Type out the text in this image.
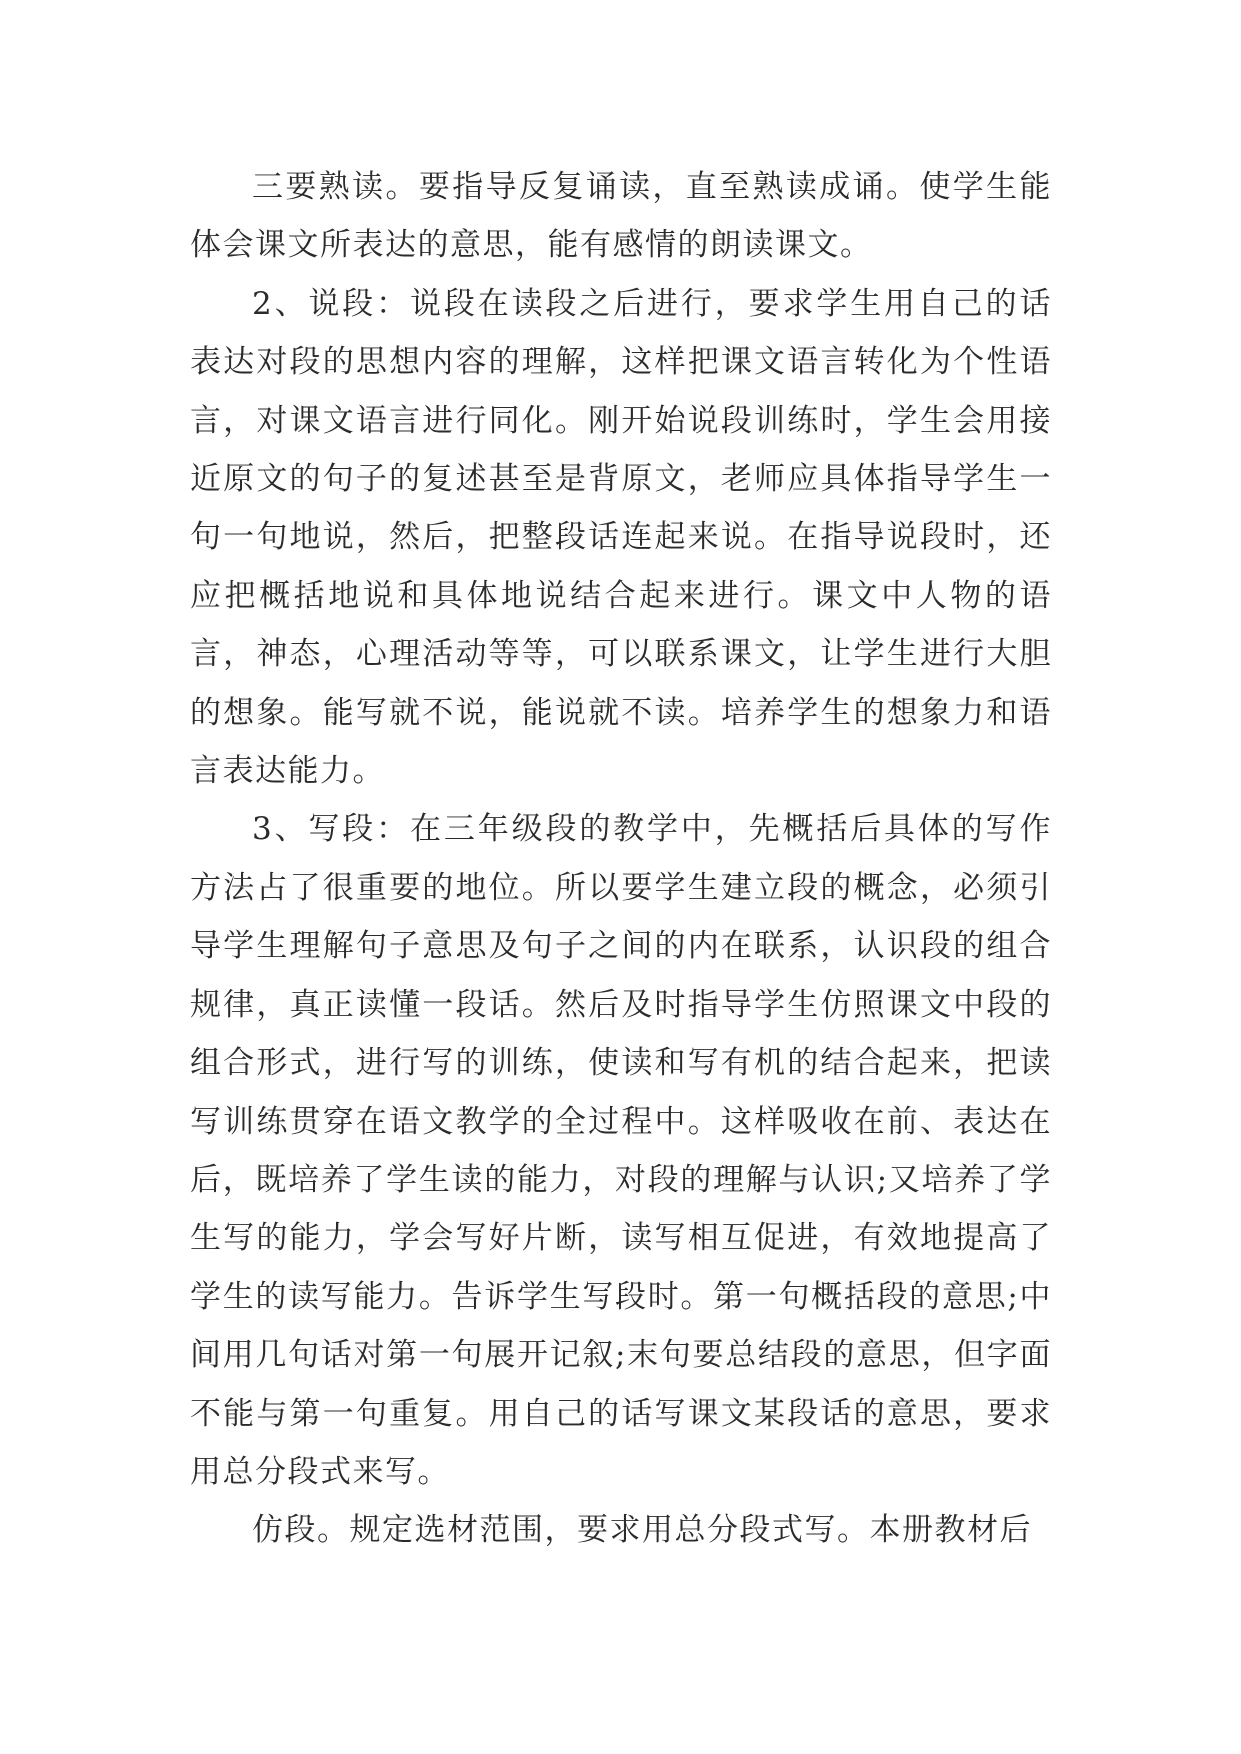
三要熟读。要指导反复诵读，直至熟读成诵。使学生能体会课文所表达的意思，能有感情的朗读课文。

2、说段：说段在读段之后进行，要求学生用自己的话表达对段的思想内容的理解，这样把课文语言转化为个性语言，对课文语言进行同化。刚开始说段训练时，学生会用接近原文的句子的复述甚至是背原文，老师应具体指导学生一句一句地说，然后，把整段话连起来说。在指导说段时，还应把概括地说和具体地说结合起来进行。课文中人物的语言，神态，心理活动等等，可以联系课文，让学生进行大胆的想象。能写就不说，能说就不读。培养学生的想象力和语言表达能力。

3、写段：在三年级段的教学中，先概括后具体的写作方法占了很重要的地位。所以要学生建立段的概念，必须引导学生理解句子意思及句子之间的内在联系，认识段的组合规律，真正读懂一段话。然后及时指导学生仿照课文中段的组合形式，进行写的训练，使读和写有机的结合起来，把读写训练贯穿在语文教学的全过程中。这样吸收在前、表达在后，既培养了学生读的能力，对段的理解与认识;又培养了学生写的能力，学会写好片断，读写相互促进，有效地提高了学生的读写能力。告诉学生写段时。第一句概括段的意思;中间用几句话对第一句展开记叙;末句要总结段的意思，但字面不能与第一句重复。用自己的话写课文某段话的意思，要求用总分段式来写。

仿段。规定选材范围，要求用总分段式写。本册教材后
